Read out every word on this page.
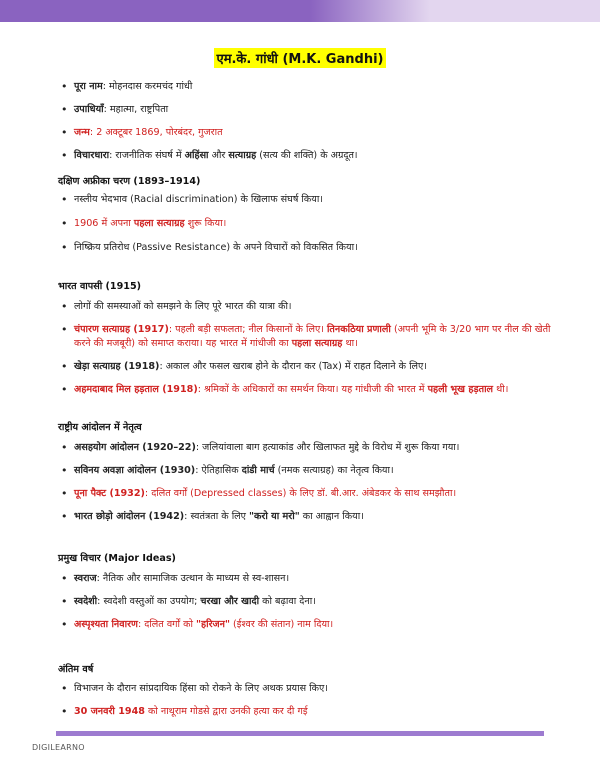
एम.के. गांधी (M.K. Gandhi)
• पूरा नाम: मोहनदास करमचंद गांधी
• उपाधियाँ: महात्मा, राष्ट्रपिता
• जन्म: 2 अक्टूबर 1869, पोरबंदर, गुजरात
• विचारधारा: राजनीतिक संघर्ष में अहिंसा और सत्याग्रह (सत्य की शक्ति) के अग्रदूत।
दक्षिण अफ्रीका चरण (1893–1914)
• नस्लीय भेदभाव (Racial discrimination) के खिलाफ संघर्ष किया।
• 1906 में अपना पहला सत्याग्रह शुरू किया।
• निष्क्रिय प्रतिरोध (Passive Resistance) के अपने विचारों को विकसित किया।
भारत वापसी (1915)
• लोगों की समस्याओं को समझने के लिए पूरे भारत की यात्रा की।
• चंपारण सत्याग्रह (1917): पहली बड़ी सफलता; नील किसानों के लिए। तिनकठिया प्रणाली (अपनी भूमि के 3/20 भाग पर नील की खेती करने की मजबूरी) को समाप्त कराया। यह भारत में गांधीजी का पहला सत्याग्रह था।
• खेड़ा सत्याग्रह (1918): अकाल और फसल खराब होने के दौरान कर (Tax) में राहत दिलाने के लिए।
• अहमदाबाद मिल हड़ताल (1918): श्रमिकों के अधिकारों का समर्थन किया। यह गांधीजी की भारत में पहली भूख हड़ताल थी।
राष्ट्रीय आंदोलन में नेतृत्व
• असहयोग आंदोलन (1920–22): जलियांवाला बाग हत्याकांड और खिलाफत मुद्दे के विरोध में शुरू किया गया।
• सविनय अवज्ञा आंदोलन (1930): ऐतिहासिक दांडी मार्च (नमक सत्याग्रह) का नेतृत्व किया।
• पूना पैक्ट (1932): दलित वर्गों (Depressed classes) के लिए डॉ. बी.आर. अंबेडकर के साथ समझौता।
• भारत छोड़ो आंदोलन (1942): स्वतंत्रता के लिए "करो या मरो" का आह्वान किया।
प्रमुख विचार (Major Ideas)
• स्वराज: नैतिक और सामाजिक उत्थान के माध्यम से स्व-शासन।
• स्वदेशी: स्वदेशी वस्तुओं का उपयोग; चरखा और खादी को बढ़ावा देना।
• अस्पृश्यता निवारण: दलित वर्गों को "हरिजन" (ईश्वर की संतान) नाम दिया।
अंतिम वर्ष
• विभाजन के दौरान सांप्रदायिक हिंसा को रोकने के लिए अथक प्रयास किए।
• 30 जनवरी 1948 को नाथूराम गोडसे द्वारा उनकी हत्या कर दी गई
DIGILEARNO
